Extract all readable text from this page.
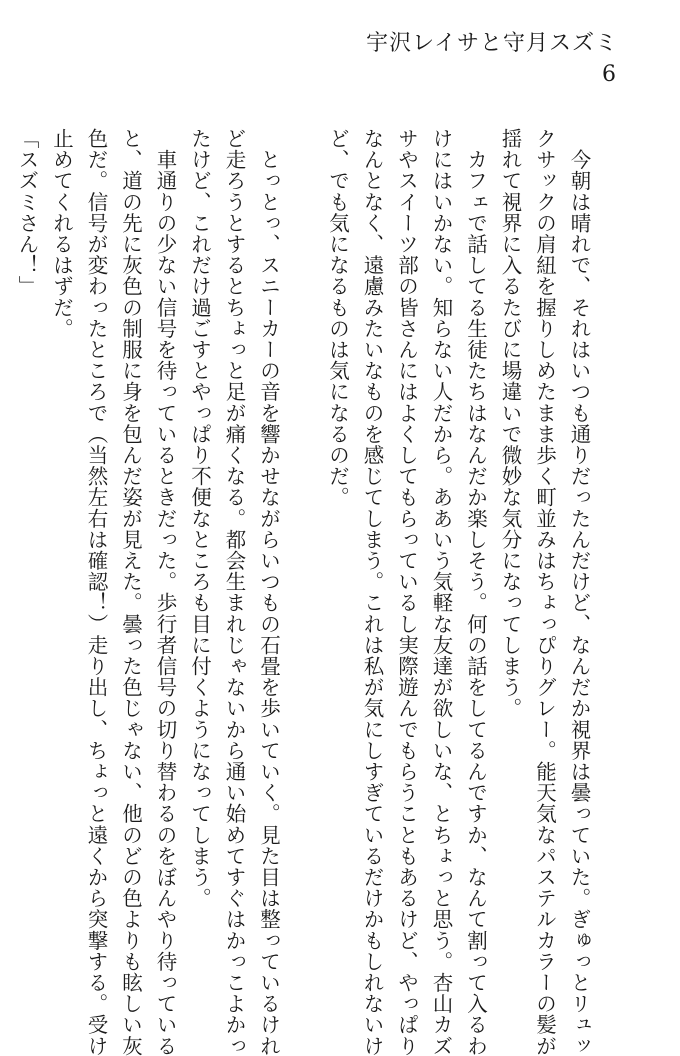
宇沢レイサと守月スズミ
6

　今朝は晴れで、それはいつも通りだったんだけど、なんだか視界は曇っていた。ぎゅっとリュッ

クサックの肩紐を握りしめたまま歩く町並みはちょっぴりグレー。能天気なパステルカラーの髪が

揺れて視界に入るたびに場違いで微妙な気分になってしまう。

　カフェで話してる生徒たちはなんだか楽しそう。何の話をしてるんですか、なんて割って入るわ

けにはいかない。知らない人だから。ああいう気軽な友達が欲しいな、とちょっと思う。杏山カズ

サやスイーツ部の皆さんにはよくしてもらっているし実際遊んでもらうこともあるけど、やっぱり

なんとなく、遠慮みたいなものを感じてしまう。これは私が気にしすぎているだけかもしれないけ

ど、でも気になるものは気になるのだ。

　とっとっ、スニーカーの音を響かせながらいつもの石畳を歩いていく。見た目は整っているけれ

ど走ろうとするとちょっと足が痛くなる。都会生まれじゃないから通い始めてすぐはかっこよかっ

たけど、これだけ過ごすとやっぱり不便なところも目に付くようになってしまう。

　車通りの少ない信号を待っているときだった。歩行者信号の切り替わるのをぼんやり待っている

と、道の先に灰色の制服に身を包んだ姿が見えた。曇った色じゃない、他のどの色よりも眩しい灰

色だ。信号が変わったところで（当然左右は確認！）走り出し、ちょっと遠くから突撃する。受け

止めてくれるはずだ。

「スズミさん！」
